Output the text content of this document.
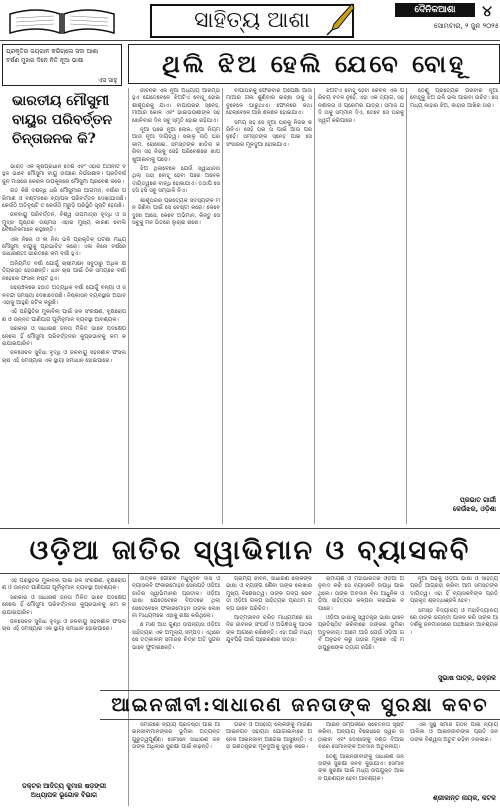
ସାହିତ୍ୟ ଆଶା	ଦୈନିକଆଶା	୪
ସୋମବାର, ୨ ଜୁନ ୨୦୨୫
ପ୍ରକୃତିର ଜୟଗାନ କରିଚାଲେ ସଦା ଆଶା
ବର୍ଷଣ ମୁଖର ଦିନେ ନିତି ନୂଆ ଭାଷା
ଏସ ସାହୁ
ଥିଲି ଝିଅ ହେଲି ଯେବେ ବୋହୂ
ଭାରତୀୟ ମୌସୁମୀ ବାୟୁର ପରିବର୍ତ୍ତନ ଚିନ୍ତାଜନକ କି?

ଭାରତ ଏକ କୃଷିପ୍ରଧାନ ଦେଶ ଏବଂ ଏହାର ଅର୍ଥନୀତି ବହୁଳ ଭାବେ ମୌସୁମୀ ବାୟୁ ଉପରେ ନିର୍ଭରଶୀଳ। ପ୍ରତିବର୍ଷ ଜୁନ ମାସରେ କେରଳ ଉପକୂଳରେ ମୌସୁମୀ ପ୍ରବେଶ କରେ।

ଗତ କିଛି ଦଶନ୍ଧି ଧରି ମୌସୁମୀର ଆଗମନ, ବର୍ଷାର ପରିମାଣ ଓ ବଣ୍ଟନରେ ବ୍ୟାପକ ପରିବର୍ତ୍ତନ ଦେଖାଯାଉଛି। କେଉଁଠି ଅତିବୃଷ୍ଟି ତ କେଉଁଠି ମରୁଡ଼ି ପରିସ୍ଥିତି ସୃଷ୍ଟି ହେଉଛି।

ଜଳବାୟୁ ପରିବର୍ତ୍ତନ, ବିଶ୍ୱ ତାପମାତ୍ରା ବୃଦ୍ଧି ଓ ସମୁଦ୍ର ପୃଷ୍ଠର ଉଷ୍ମତା ଏହାର ମୁଖ୍ୟ କାରଣ ବୋଲି ବୈଜ୍ଞାନିକମାନେ କହୁଛନ୍ତି।

ଏଲ ନିନୋ ଓ ଲା ନିନା ଭଳି ପ୍ରାକୃତିକ ଘଟଣା ମଧ୍ୟ ମୌସୁମୀ ବାୟୁକୁ ପ୍ରଭାବିତ କରେ। ଏଲ ନିନୋ ବର୍ଷରେ ସାଧାରଣତଃ ଭାରତରେ କମ ବର୍ଷା ହୁଏ।

ଅନିୟମିତ ବର୍ଷା ଯୋଗୁଁ ଚାଷୀମାନେ ସବୁଠାରୁ ଅଧିକ କ୍ଷତିଗ୍ରସ୍ତ ହେଉଛନ୍ତି। ଧାନ ଚାଷ ପାଇଁ ଠିକ ସମୟରେ ବର୍ଷା ନହେଲେ ଫସଲ ନଷ୍ଟ ହୁଏ।

ସହରାଞ୍ଚଳରେ ହଠାତ ଅତ୍ୟଧିକ ବର୍ଷା ଯୋଗୁଁ ବନ୍ୟା ଓ ଜଳବନ୍ଦୀ ସମସ୍ୟା ଦେଖାଦେଉଛି। ନିଷ୍କାସନ ବ୍ୟବସ୍ଥାର ଅଭାବ ଏହାକୁ ଆହୁରି ଜଟିଳ କରୁଛି।

ଏହି ପରିସ୍ଥିତିର ମୁକାବିଲା ପାଇଁ ଜଳ ସଂରକ୍ଷଣ, ବୃକ୍ଷରୋପଣ ଓ ଉନ୍ନତ ପାଣିପାଗ ପୂର୍ବାନୁମାନ ବ୍ୟବସ୍ଥା ଆବଶ୍ୟକ।

ସରକାର ଓ ସାଧାରଣ ଜନତା ମିଳିତ ଭାବେ ପଦକ୍ଷେପ ନେଲେ ହିଁ ମୌସୁମୀ ପରିବର୍ତ୍ତନର କୁପ୍ରଭାବକୁ କମ କରାଯାଇପାରିବ।

ଜଳସେଚନ ସୁବିଧା ବୃଦ୍ଧି ଓ ଜଳବାୟୁ ସହନଶୀଳ ଫସଲ ଚାଷ ଏହି ସମସ୍ୟାର ଏକ ସ୍ଥାୟୀ ସମାଧାନ ହୋଇପାରେ।

ଜୀବନର ଏକ ନୂଆ ଅଧ୍ୟାୟ ଆରମ୍ଭ ହୁଏ ଯେତେବେଳେ ଝିଅଟିଏ ବୋହୂ ହୋଇ ଶାଶୂଘରକୁ ଯାଏ। ବାପାଘରର ସ୍ନେହ, ମାଆର କୋଳ ଏବଂ ଭାଇଭଉଣୀଙ୍କ ସହ ଖେଳିବାର ଦିନ ସବୁ ସ୍ମୃତି ହୋଇ ରହିଯାଏ।

ନୂଆ ଘରେ ନୂଆ ଲୋକ, ନୂଆ ନିୟମ ଆଉ ନୂଆ ଦାୟିତ୍ୱ। ସକାଳୁ ଉଠି ଘରକାମ, ରୋଷେଇ, ସମସ୍ତଙ୍କ ଖାତିର କରିବା ସହ ନିଜକୁ ସେହି ପରିବେଶରେ ଖାପ ଖୁଆଇବାକୁ ପଡ଼େ।

ଝିଅ ଥିଲାବେଳେ ଯେଉଁ ସ୍ୱାଧୀନତା ଥିଲା ତାହା ବୋହୂ ହେବା ପରେ ଅନେକ ଦାୟିତ୍ୱରେ ବାନ୍ଧି ହୋଇଯାଏ। ତଥାପି ସେ ହସି ହସି ସବୁ ସମ୍ଭାଳି ନିଏ।

ଶାଶୂଘରର ପ୍ରତ୍ୟେକ ସଦସ୍ୟଙ୍କ ମନ ଜିଣିବା ପାଇଁ ସେ ଚେଷ୍ଟା କରେ। କେବେ ଦୁଃଖ ଆସେ, କେବେ ଅଭିମାନ, କିନ୍ତୁ ସେ ସବୁକୁ ମନ ଭିତରେ ଲୁଚାଇ ରଖେ।

ବାପାଘରକୁ ଫେରିବାର ଅପେକ୍ଷା ଆଉ ମାଆର ଗଳା ଶୁଣିବାର ଇଚ୍ଛା ତାକୁ ସବୁବେଳେ ଘାରୁଥାଏ। ଫୋନରେ କଥା ହେଲାବେଳେ ଆଖି ଛଳଛଳ ହୋଇଯାଏ।

ସମୟ ସହ ସେ ନୂଆ ଘରକୁ ନିଜର କରିନିଏ। ସେହି ଘର ତା ପାଇଁ ଆଉ ପର ନୁହେଁ। ସମସ୍ତଙ୍କ ସ୍ନେହ ପାଇ ସେ ସଂସାରର ମୂଳଦୁଆ ହୋଇଯାଏ।

ଝିଅଟିଏ ବୋହୂ ହେବା କେବଳ ଏକ ପରିଚୟ ବଦଳ ନୁହେଁ, ଏହା ଏକ ତ୍ୟାଗ, ସହନଶୀଳତା ଓ ପ୍ରେମର ଯାତ୍ରା। ସମାଜ ଯଦି ତାକୁ ସମ୍ମାନ ଦିଏ, ତେବେ ସେ ଘରକୁ ସ୍ୱର୍ଗ କରିପାରେ।

ତେଣୁ ପ୍ରତ୍ୟେକ ପରିବାର ନୂଆ ବୋହୂକୁ ଝିଅ ଭଳି ଭଲ ପାଇବା ଉଚିତ। ସେ ମଧ୍ୟ କାହାର ଝିଅ, କାହାର ଆଖିର ତାରା।

ପ୍ରଭାତ ଗାର୍ଗୀ
କେଉଁଝର, ଓଡ଼ିଶା
ଓଡ଼ିଆ ଜାତିର ସ୍ୱାଭିମାନ ଓ ବ୍ୟାସକବି

ଏହି ପରିସ୍ଥିତିର ମୁକାବିଲା ପାଇଁ ଜଳ ସଂରକ୍ଷଣ, ବୃକ୍ଷରୋପଣ ଓ ଉନ୍ନତ ପାଣିପାଗ ପୂର୍ବାନୁମାନ ବ୍ୟବସ୍ଥା ଆବଶ୍ୟକ।

ସରକାର ଓ ସାଧାରଣ ଜନତା ମିଳିତ ଭାବେ ପଦକ୍ଷେପ ନେଲେ ହିଁ ମୌସୁମୀ ପରିବର୍ତ୍ତନର କୁପ୍ରଭାବକୁ କମ କରାଯାଇପାରିବ।

ଜଳସେଚନ ସୁବିଧା ବୃଦ୍ଧି ଓ ଜଳବାୟୁ ସହନଶୀଳ ଫସଲ ଚାଷ ଏହି ସମସ୍ୟାର ଏକ ସ୍ଥାୟୀ ସମାଧାନ ହୋଇପାରେ।

ଡକ୍ଟର ଆଦିତ୍ୟ କୁମାର ଷଡ଼ଙ୍ଗୀ
ଅଧ୍ୟାପକ ଭୂଗୋଳ ବିଭାଗ

ଉତ୍କଳ ଗୌରବ ମଧୁସୂଦନ ଦାସ ଓ ବ୍ୟାସକବି ଫକୀରମୋହନ ସେନାପତି ଓଡ଼ିଆ ଜାତିର ସ୍ୱାଭିମାନର ପ୍ରତୀକ। ଓଡ଼ିଆ ଭାଷା ଯେତେବେଳେ ବିପଦରେ ଥିଲା ସେତେବେଳେ ଫକୀରମୋହନ ତାଙ୍କ ଲେଖନୀ ମାଧ୍ୟମରେ ଏହାକୁ ରକ୍ଷା କରିଥିଲେ।

ଛ ମାଣ ଆଠ ଗୁଣ୍ଠ ଉପନ୍ୟାସ ଓଡ଼ିଆ ସାହିତ୍ୟର ଏକ ଅମୂଲ୍ୟ ସମ୍ପଦ। ଏଥିରେ ସେ ତତ୍କାଳୀନ ସମାଜର ଚିତ୍ର ଅତି ସୁନ୍ଦର ଭାବେ ଫୁଟାଇଛନ୍ତି।

ଗ୍ରାମ୍ୟ ଜୀବନ, ସାଧାରଣ ଲୋକଙ୍କ ଭାଷା ଓ ବ୍ୟଙ୍ଗ ଶୈଳୀ ତାଙ୍କ ଲେଖାର ମୁଖ୍ୟ ବିଶେଷତ୍ୱ। ତାଙ୍କ ଗଳ୍ପ ରେବତୀ ଓଡ଼ିଆ ଗଳ୍ପ ସାହିତ୍ୟର ପ୍ରଥମ ଗଳ୍ପ ଭାବେ ପରିଚିତ।

ଆତ୍ମଜୀବନ ଚରିତ ମାଧ୍ୟମରେ ସେ ନିଜ ଜୀବନର ସଂଘର୍ଷ ଓ ଅଭିଜ୍ଞତାକୁ ପାଠକଙ୍କ ଆଗରେ ରଖିଛନ୍ତି। ଏହା ଆଜି ମଧ୍ୟ ଯୁବପିଢ଼ି ପାଇଁ ପ୍ରେରଣାର ଉତ୍ସ।

ରାମାୟଣ ଓ ମହାଭାରତର ଓଡ଼ିଆ ଅନୁବାଦ କରି ସେ ବ୍ୟାସକବି ଉପାଧି ପାଇଥିଲେ। ତାଙ୍କ ଅବଦାନ ବିନା ଆଧୁନିକ ଓଡ଼ିଆ ସାହିତ୍ୟର କଳ୍ପନା କରାଯାଇ ନପାରେ।

ଓଡ଼ିଆ ଭାଷାକୁ ସ୍ୱତନ୍ତ୍ର ଭାଷା ଭାବେ ପ୍ରତିଷ୍ଠିତ କରିବାରେ ତାଙ୍କର ଭୂମିକା ଅତୁଳନୀୟ। ଆମେ ଆଜି ଯେଉଁ ଓଡ଼ିଆ ଗର୍ବ ଅନୁଭବ କରୁ ତାହାର ମୂଳରେ ଏହି ମହାପୁରୁଷଙ୍କ ତ୍ୟାଗ ରହିଛି।

ନୂଆ ପିଢ଼ିକୁ ଓଡ଼ିଆ ଭାଷା ଓ ସାହିତ୍ୟ ପ୍ରତି ଆଗ୍ରହୀ କରିବା ଆମ ସମସ୍ତଙ୍କ ଦାୟିତ୍ୱ। ଏହା ହିଁ ବ୍ୟାସକବିଙ୍କ ପ୍ରତି ପ୍ରକୃତ ଶ୍ରଦ୍ଧାଞ୍ଜଳି ହେବ।

ସମସ୍ତ ବିଦ୍ୟାଳୟ ଓ ମହାବିଦ୍ୟାଳୟରେ ତାଙ୍କ ଜୟନ୍ତୀ ପାଳନ କରି ତାଙ୍କ ଆଦର୍ଶକୁ ଜନମାନସରେ ପହଞ୍ଚାଇବା ଆବଶ୍ୟକ।

ସୁଭାଷ ପାତ୍ର, ଭଦ୍ରକ
ଆଇନଜୀବୀ:ସାଧାରଣ ଜନତାଙ୍କ ସୁରକ୍ଷା କବଚ

ସମାଜରେ ନ୍ୟାୟ ପ୍ରତିଷ୍ଠା ପାଇଁ ଆଇନଜୀବୀମାନଙ୍କର ଭୂମିକା ଅତ୍ୟନ୍ତ ଗୁରୁତ୍ୱପୂର୍ଣ୍ଣ। ସେମାନେ ସାଧାରଣ ଜନତାଙ୍କ ଅଧିକାର ସୁରକ୍ଷା ପାଇଁ ଲଢ଼ନ୍ତି।

ଗରିବ ଓ ଅସହାୟ ଲୋକଙ୍କୁ ମାଗଣା ଆଇନଗତ ସହାୟତା ଯୋଗାଇବାରେ ଅନେକ ଆଇନଜୀବୀ ଆଗେଇ ଆସୁଛନ୍ତି। ଏହା ଗଣତନ୍ତ୍ରର ମୂଳଦୁଆକୁ ସୁଦୃଢ଼ କରେ।

ଆଇନ ସମ୍ପର୍କରେ ସଚେତନତା ସୃଷ୍ଟି କରିବା, ଅନ୍ୟାୟ ବିରୋଧରେ ସ୍ୱର ଉଠାଇବା ଏବଂ ଦୋଷୀଙ୍କୁ ଦଣ୍ଡ ଦିଆଇବାରେ ସେମାନଙ୍କ ଅବଦାନ ଅତୁଳନୀୟ।

ତେଣୁ ଆଇନଜୀବୀଙ୍କୁ ସାଧାରଣ ଜନତାଙ୍କ ସୁରକ୍ଷା କବଚ କୁହାଯାଏ। ସେମାନଙ୍କ ସୁରକ୍ଷା ପାଇଁ ମଧ୍ୟ ଉପଯୁକ୍ତ ଆଇନ ପ୍ରଣୟନ ହେବା ଆବଶ୍ୟକ।

ଏକ ସୁସ୍ଥ ସମାଜ ଗଠନ ପାଇଁ ନ୍ୟାୟପାଳିକା ଓ ଆଇନଜୀବୀଙ୍କ ପ୍ରତି ଜନତାଙ୍କ ବିଶ୍ୱାସ ଅତୁଟ ରହିବା ଦରକାର।

ଶ୍ରୀକାନ୍ତ ନାୟକ, କଟକ
